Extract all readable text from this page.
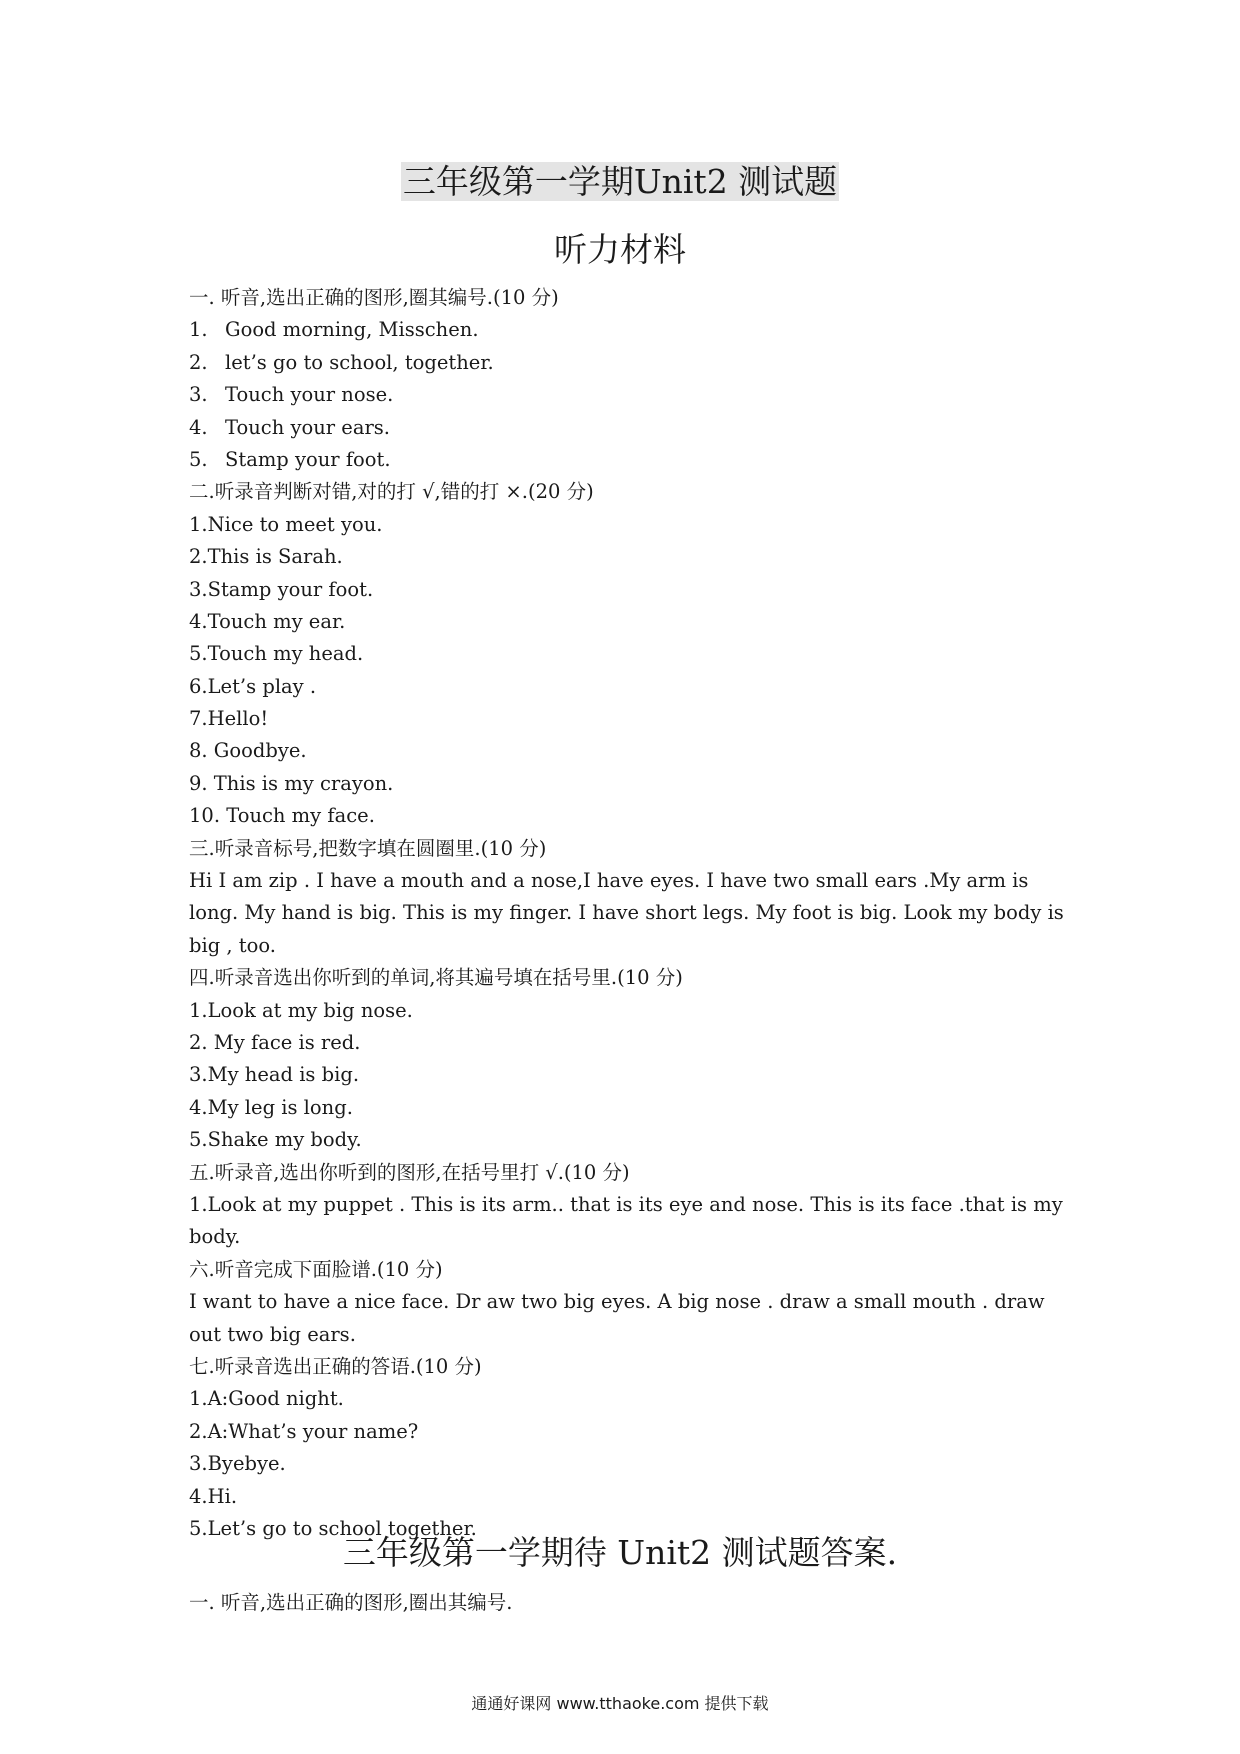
三年级第一学期Unit2 测试题
听力材料
一. 听音,选出正确的图形,圈其编号.(10 分)
1. Good morning, Misschen.
2. let’s go to school, together.
3. Touch your nose.
4. Touch your ears.
5. Stamp your foot.
二.听录音判断对错,对的打 √,错的打 ×.(20 分)
1.Nice to meet you.
2.This is Sarah.
3.Stamp your foot.
4.Touch my ear.
5.Touch my head.
6.Let’s play .
7.Hello!
8. Goodbye.
9. This is my crayon.
10. Touch my face.
三.听录音标号,把数字填在圆圈里.(10 分)
Hi I am zip . I have a mouth and a nose,I have eyes. I have two small ears .My arm is long. My hand is big. This is my finger. I have short legs. My foot is big. Look my body is big , too.
四.听录音选出你听到的单词,将其遍号填在括号里.(10 分)
1.Look at my big nose.
2. My face is red.
3.My head is big.
4.My leg is long.
5.Shake my body.
五.听录音,选出你听到的图形,在括号里打 √.(10 分)
1.Look at my puppet . This is its arm.. that is its eye and nose. This is its face .that is my body.
六.听音完成下面脸谱.(10 分)
I want to have a nice face. Dr aw two big eyes. A big nose . draw a small mouth . draw out two big ears.
七.听录音选出正确的答语.(10 分)
1.A:Good night.
2.A:What’s your name?
3.Byebye.
4.Hi.
5.Let’s go to school together.
三年级第一学期待 Unit2 测试题答案.
一. 听音,选出正确的图形,圈出其编号.
通通好课网 www.tthaoke.com 提供下载
